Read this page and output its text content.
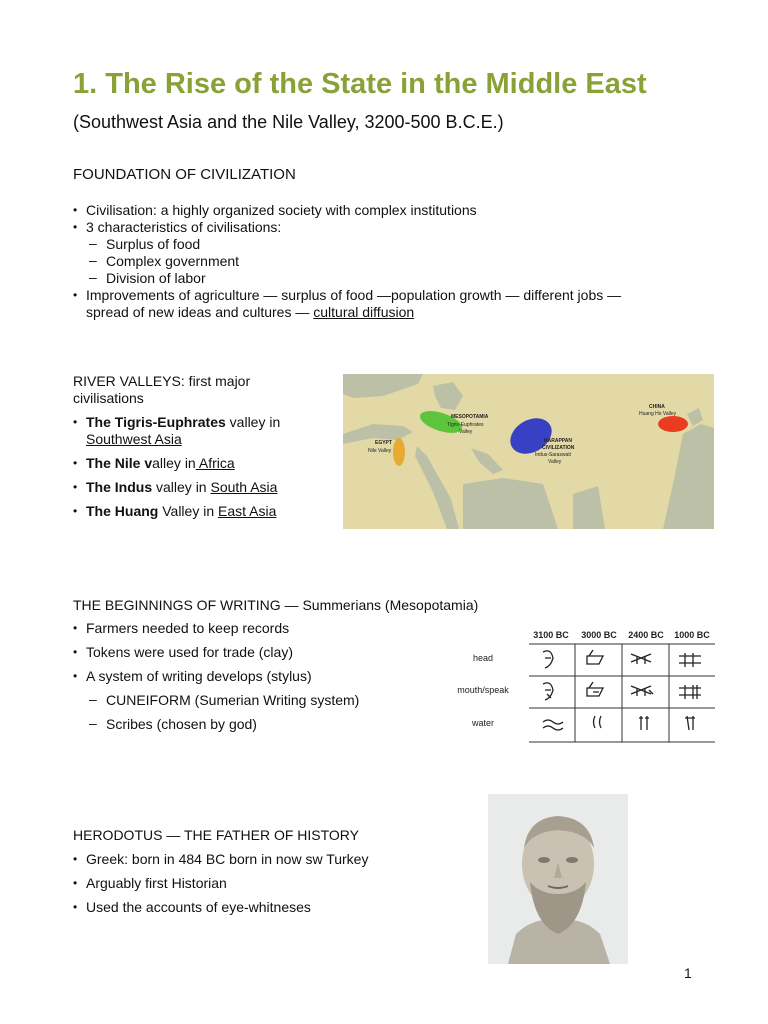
1. The Rise of the State in the Middle East
(Southwest Asia and the Nile Valley, 3200-500 B.C.E.)
FOUNDATION OF CIVILIZATION
• Civilisation: a highly organized society with complex institutions
• 3 characteristics of civilisations:
– Surplus of food
– Complex government
– Division of labor
• Improvements of agriculture — surplus of food —population growth — different jobs —
spread of new ideas and cultures — cultural diffusion
RIVER VALLEYS: first major
civilisations
• The Tigris-Euphrates valley in
Southwest Asia
• The Nile valley in Africa
• The Indus valley in South Asia
• The Huang Valley in East Asia
EGYPT
Nile Valley
MESOPOTAMIA
Tigris-Euphrates
Valley
HARAPPAN
CIVILIZATION
Indus-Saraswati
Valley
CHINA
Huang Ho Valley
THE BEGINNINGS OF WRITING — Summerians (Mesopotamia)
• Farmers needed to keep records
• Tokens were used for trade (clay)
• A system of writing develops (stylus)
– CUNEIFORM (Sumerian Writing system)
– Scribes (chosen by god)
3100 BC 3000 BC 2400 BC 1000 BC
head
mouth/speak
water
HERODOTUS — THE FATHER OF HISTORY
• Greek: born in 484 BC born in now sw Turkey
• Arguably first Historian
• Used the accounts of eye-whitneses
1
